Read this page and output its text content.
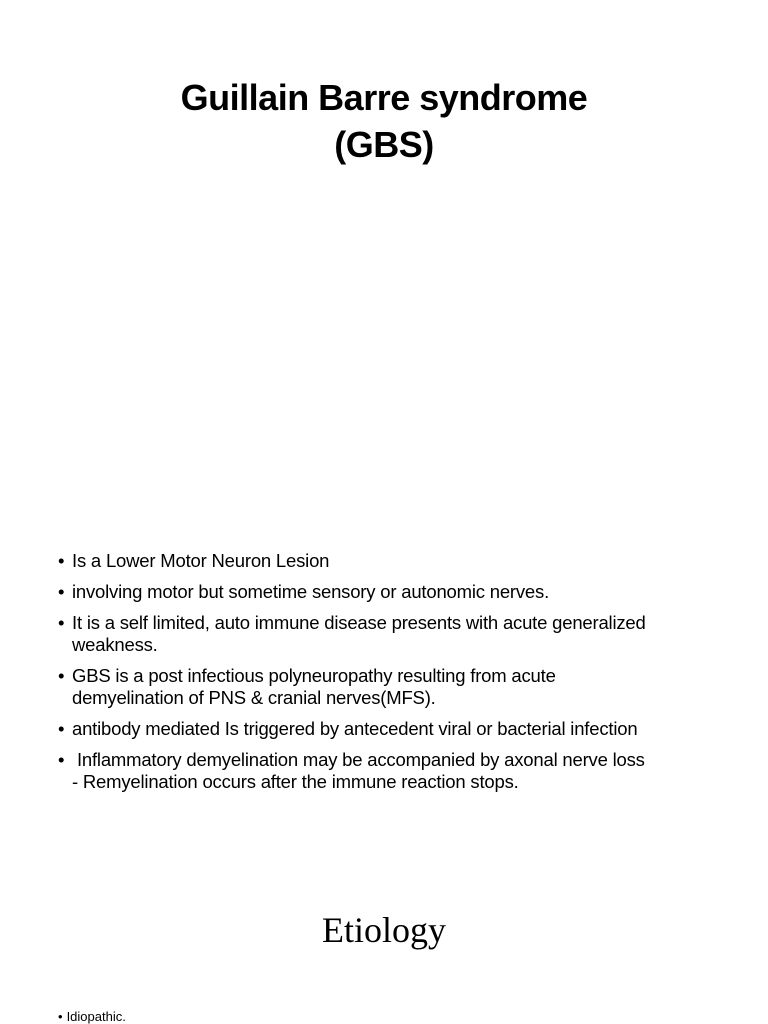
Guillain Barre syndrome
(GBS)
• Is a Lower Motor Neuron Lesion
• involving motor but sometime sensory or autonomic nerves.
• It is a self limited, auto immune disease presents with acute generalized
weakness.
• GBS is a post infectious polyneuropathy resulting from acute
demyelination of PNS & cranial nerves(MFS).
• antibody mediated Is triggered by antecedent viral or bacterial infection
• Inflammatory demyelination may be accompanied by axonal nerve loss
- Remyelination occurs after the immune reaction stops.
Etiology
• Idiopathic.
